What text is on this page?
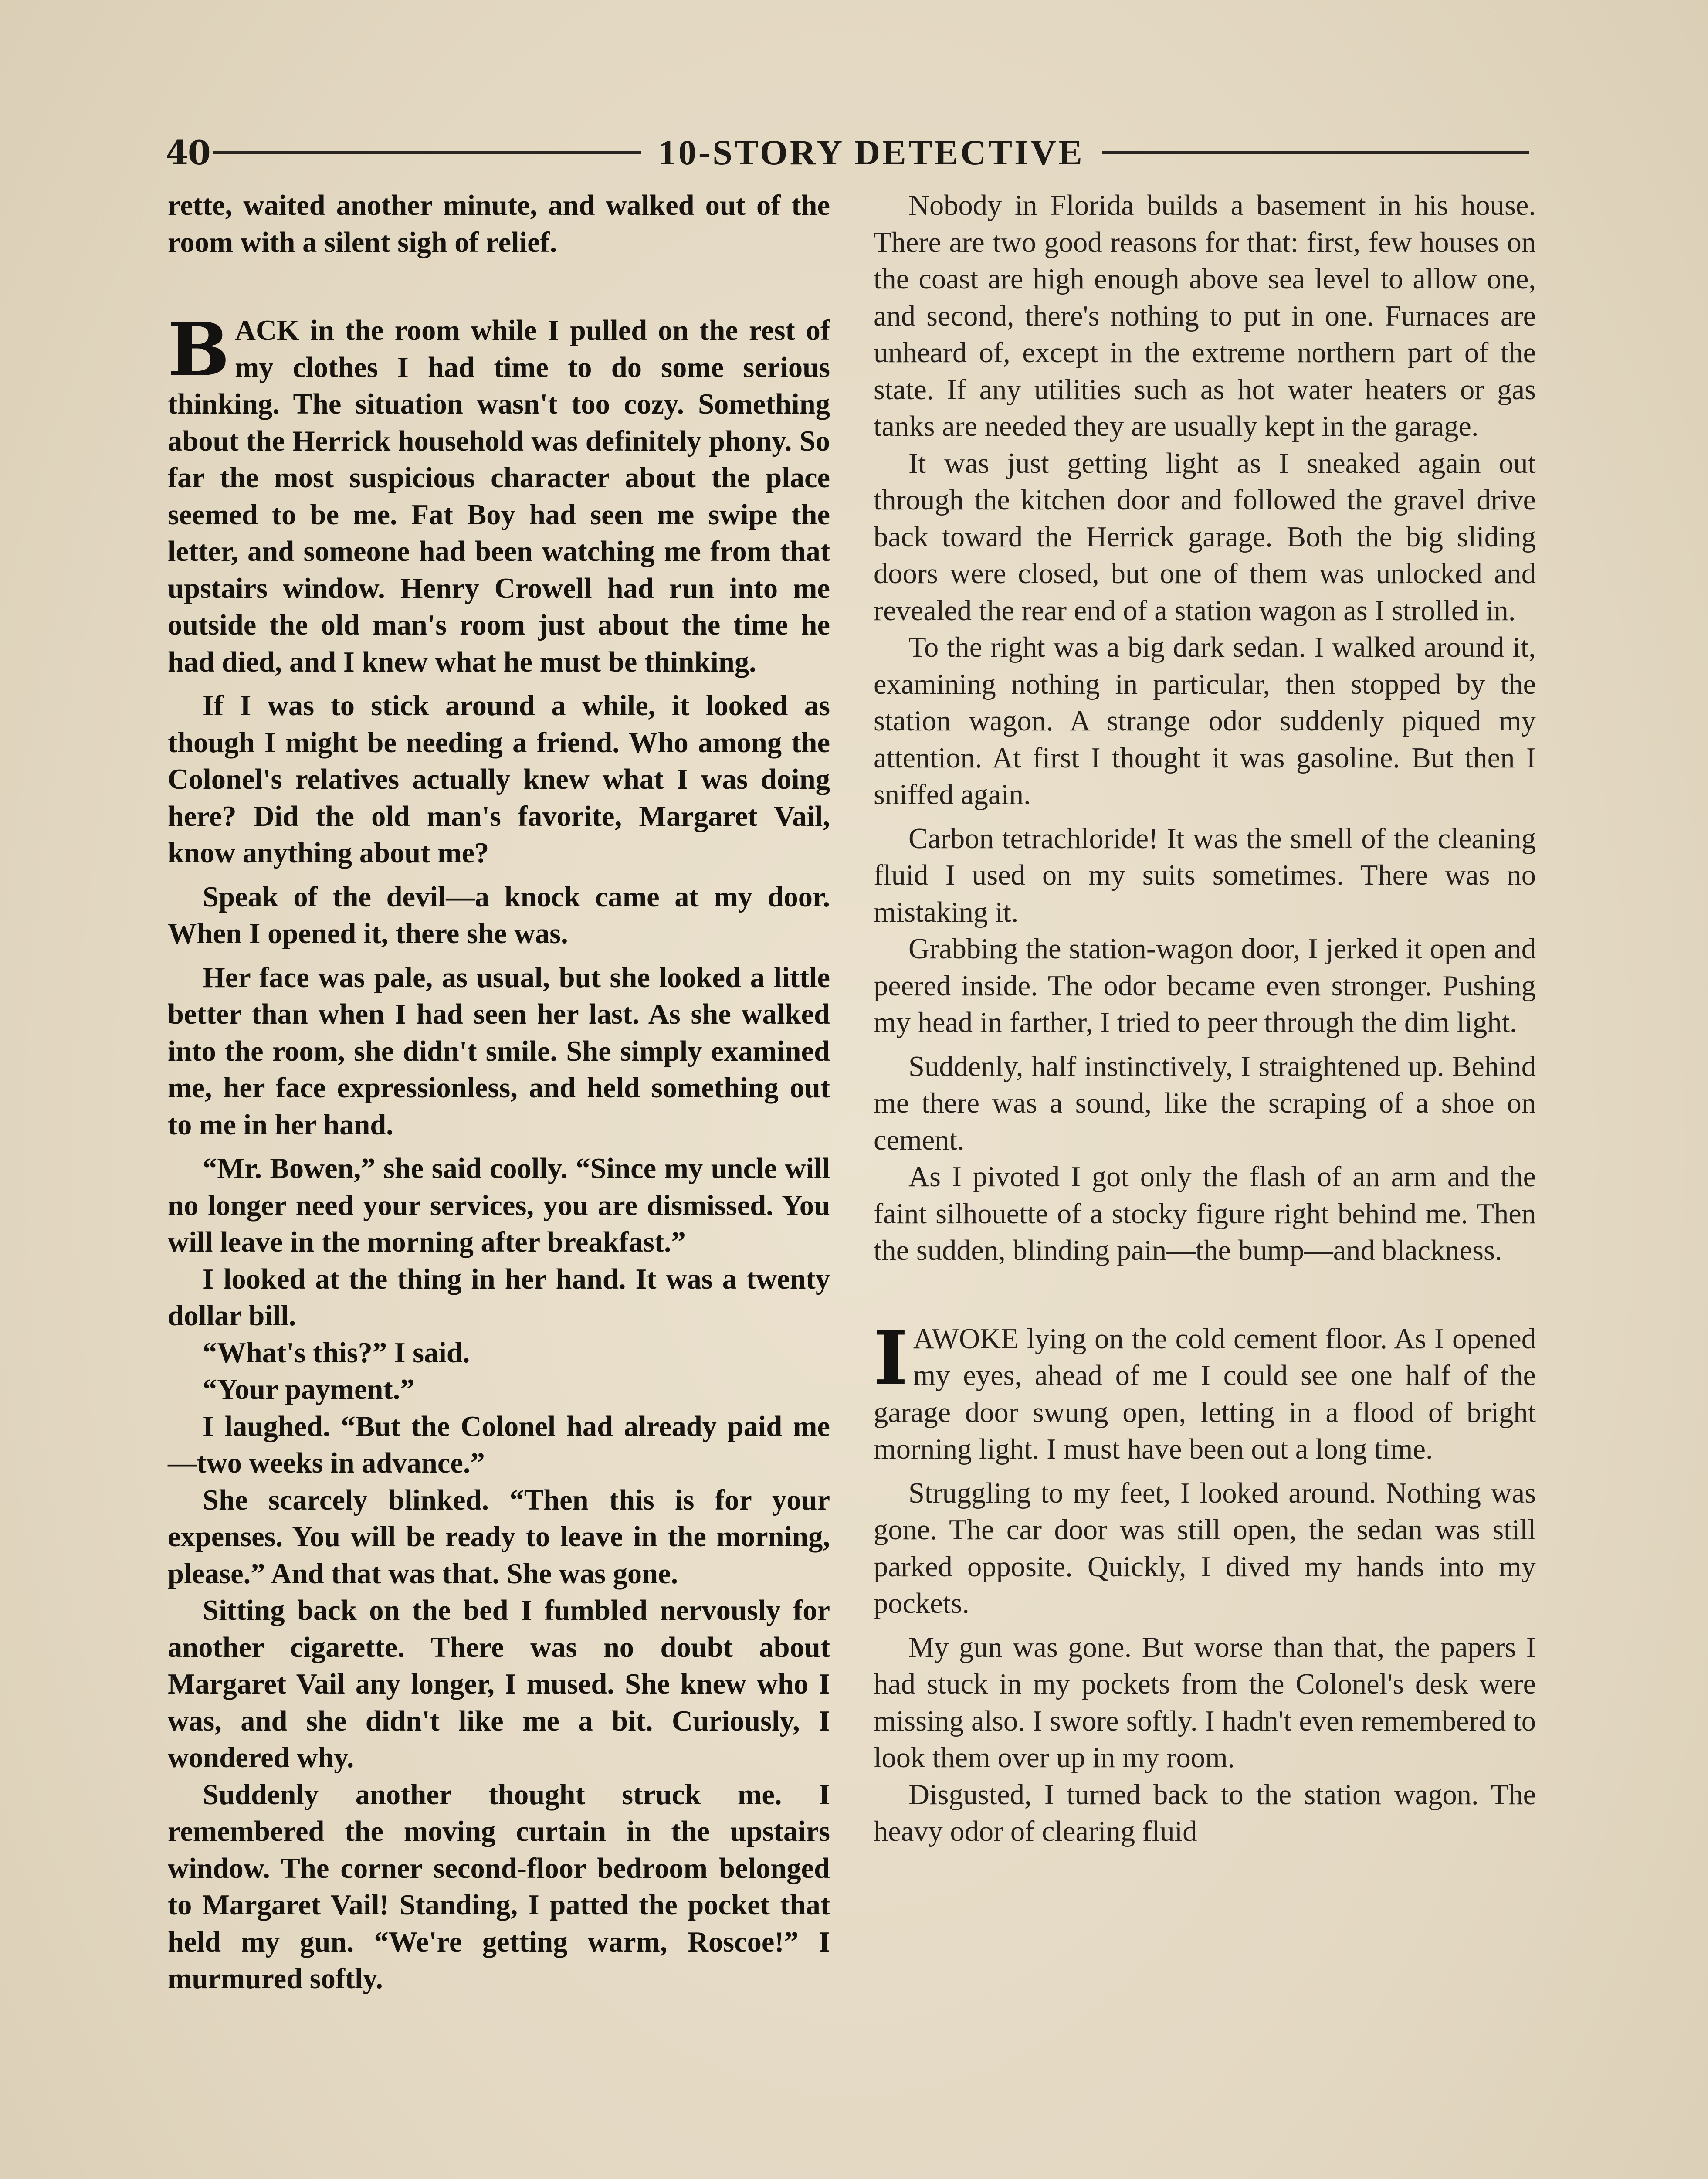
40	10-STORY DETECTIVE

rette, waited another minute, and walked out of the room with a silent sigh of relief.

BACK in the room while I pulled on the rest of my clothes I had time to do some serious thinking. The situation wasn't too cozy. Something about the Herrick household was definitely phony. So far the most suspicious character about the place seemed to be me. Fat Boy had seen me swipe the letter, and someone had been watching me from that upstairs window. Henry Crowell had run into me outside the old man's room just about the time he had died, and I knew what he must be thinking.

If I was to stick around a while, it looked as though I might be needing a friend. Who among the Colonel's relatives actually knew what I was doing here? Did the old man's favorite, Margaret Vail, know anything about me?

Speak of the devil—a knock came at my door. When I opened it, there she was.

Her face was pale, as usual, but she looked a little better than when I had seen her last. As she walked into the room, she didn't smile. She simply examined me, her face expressionless, and held something out to me in her hand.

“Mr. Bowen,” she said coolly. “Since my uncle will no longer need your services, you are dismissed. You will leave in the morning after breakfast.”

I looked at the thing in her hand. It was a twenty dollar bill.

“What's this?” I said.

“Your payment.”

I laughed. “But the Colonel had already paid me—two weeks in advance.”

She scarcely blinked. “Then this is for your expenses. You will be ready to leave in the morning, please.” And that was that. She was gone.

Sitting back on the bed I fumbled nervously for another cigarette. There was no doubt about Margaret Vail any longer, I mused. She knew who I was, and she didn't like me a bit. Curiously, I wondered why.

Suddenly another thought struck me. I remembered the moving curtain in the upstairs window. The corner second-floor bedroom belonged to Margaret Vail! Standing, I patted the pocket that held my gun. “We're getting warm, Roscoe!” I murmured softly.

Nobody in Florida builds a basement in his house. There are two good reasons for that: first, few houses on the coast are high enough above sea level to allow one, and second, there's nothing to put in one. Furnaces are unheard of, except in the extreme northern part of the state. If any utilities such as hot water heaters or gas tanks are needed they are usually kept in the garage.

It was just getting light as I sneaked again out through the kitchen door and followed the gravel drive back toward the Herrick garage. Both the big sliding doors were closed, but one of them was unlocked and revealed the rear end of a station wagon as I strolled in.

To the right was a big dark sedan. I walked around it, examining nothing in particular, then stopped by the station wagon. A strange odor suddenly piqued my attention. At first I thought it was gasoline. But then I sniffed again.

Carbon tetrachloride! It was the smell of the cleaning fluid I used on my suits sometimes. There was no mistaking it.

Grabbing the station-wagon door, I jerked it open and peered inside. The odor became even stronger. Pushing my head in farther, I tried to peer through the dim light.

Suddenly, half instinctively, I straightened up. Behind me there was a sound, like the scraping of a shoe on cement.

As I pivoted I got only the flash of an arm and the faint silhouette of a stocky figure right behind me. Then the sudden, blinding pain—the bump—and blackness.

IAWOKE lying on the cold cement floor. As I opened my eyes, ahead of me I could see one half of the garage door swung open, letting in a flood of bright morning light. I must have been out a long time.

Struggling to my feet, I looked around. Nothing was gone. The car door was still open, the sedan was still parked opposite. Quickly, I dived my hands into my pockets.

My gun was gone. But worse than that, the papers I had stuck in my pockets from the Colonel's desk were missing also. I swore softly. I hadn't even remembered to look them over up in my room.

Disgusted, I turned back to the station wagon. The heavy odor of clearing fluid
